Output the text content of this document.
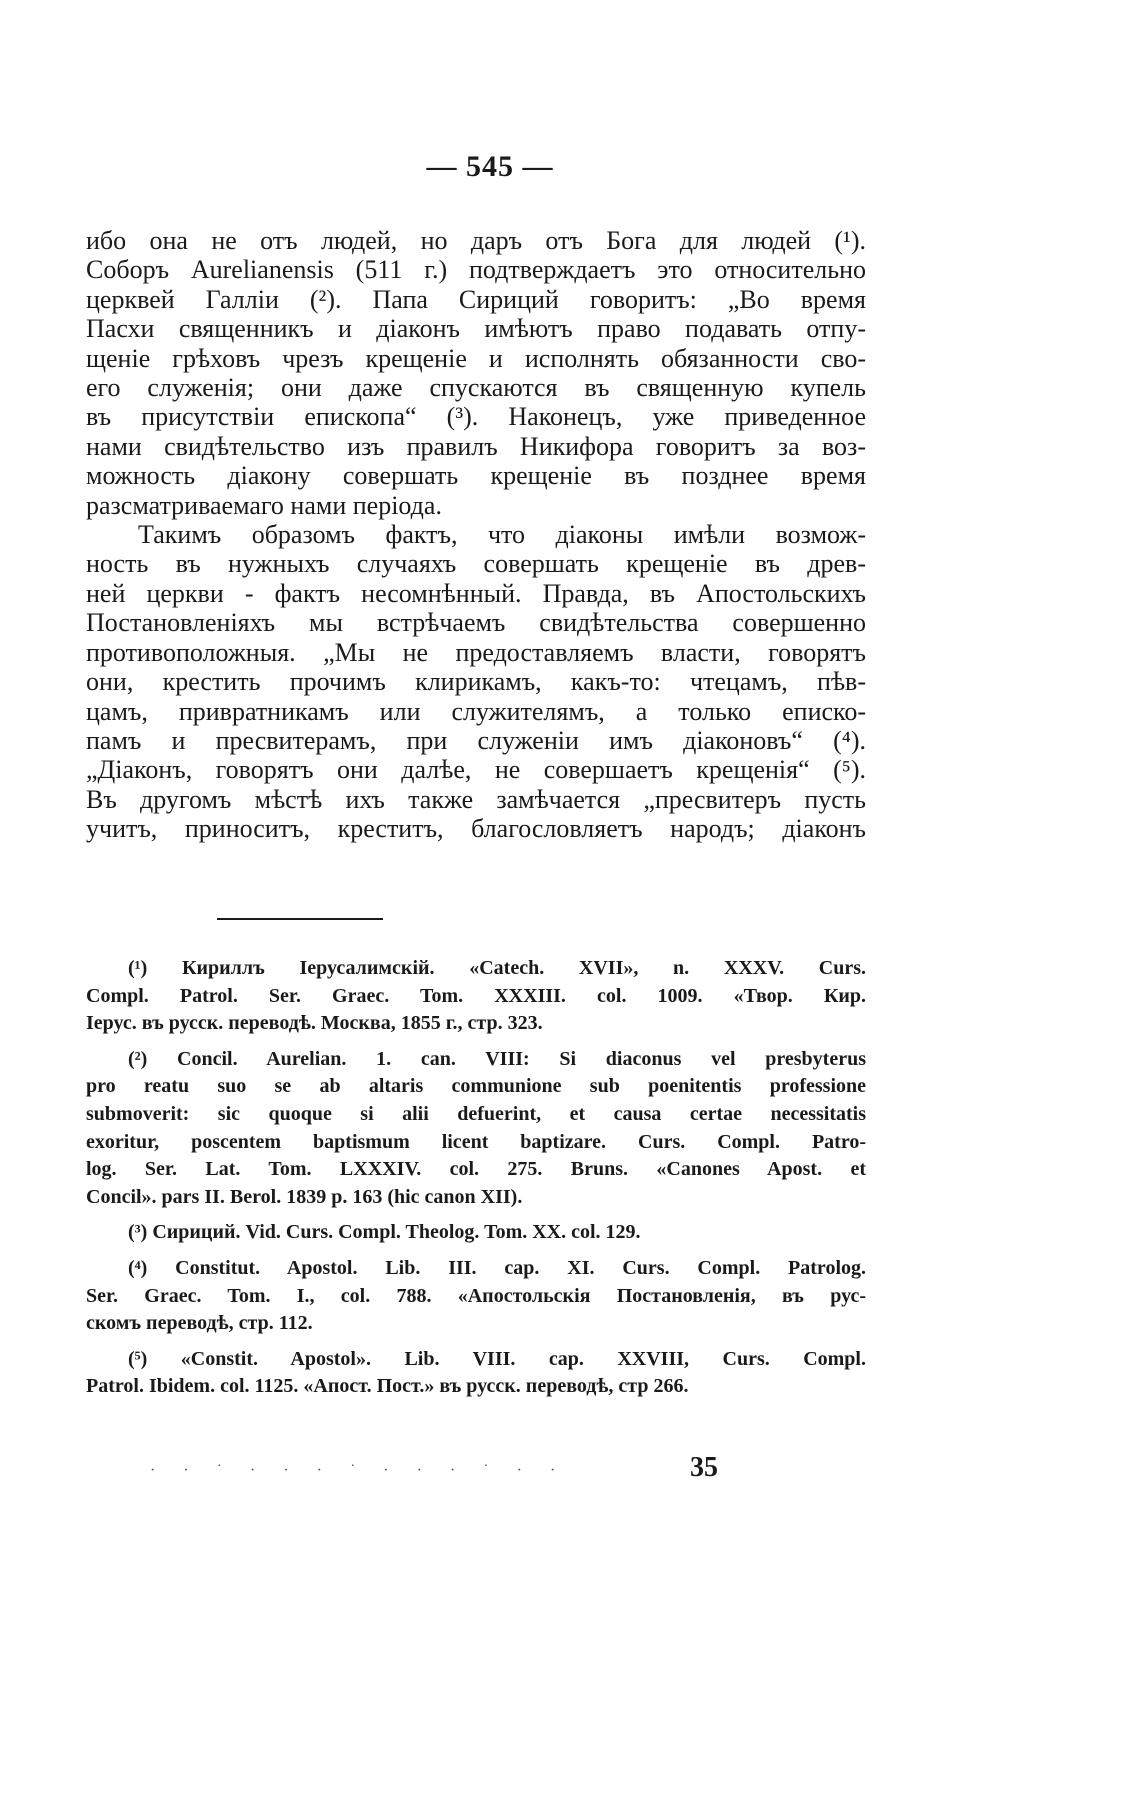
— 545 —
ибо она не отъ людей, но даръ отъ Бога для людей (¹).
Соборъ Aurelianensis (511 г.) подтверждаетъ это относительно
церквей Галліи (²). Папа Сириций говоритъ: „Во время
Пасхи священникъ и діаконъ имѣютъ право подавать отпу-
щеніе грѣховъ чрезъ крещеніе и исполнять обязанности сво-
его служенія; они даже спускаются въ священную купель
въ присутствіи епископа“ (³). Наконецъ, уже приведенное
нами свидѣтельство изъ правилъ Никифора говоритъ за воз-
можность діакону совершать крещеніе въ позднее время
разсматриваемаго нами періода.
Такимъ образомъ фактъ, что діаконы имѣли возмож-
ность въ нужныхъ случаяхъ совершать крещеніе въ древ-
ней церкви - фактъ несомнѣнный. Правда, въ Апостольскихъ
Постановленіяхъ мы встрѣчаемъ свидѣтельства совершенно
противоположныя. „Мы не предоставляемъ власти, говорятъ
они, крестить прочимъ клирикамъ, какъ-то: чтецамъ, пѣв-
цамъ, привратникамъ или служителямъ, а только еписко-
памъ и пресвитерамъ, при служеніи имъ діаконовъ“ (⁴).
„Діаконъ, говорятъ они далѣе, не совершаетъ крещенія“ (⁵).
Въ другомъ мѣстѣ ихъ также замѣчается „пресвитеръ пусть
учитъ, приноситъ, креститъ, благословляетъ народъ; діаконъ
(¹) Кириллъ Іерусалимскій. «Catech. XVII», n. XXXV. Curs.
Compl. Patrol. Ser. Graec. Tom. XXXIII. col. 1009. «Твор. Кир.
Іерус. въ русск. переводѣ. Москва, 1855 г., стр. 323.
(²) Concil. Aurelian. 1. can. VIII: Si diaconus vel presbyterus
pro reatu suo se ab altaris communione sub poenitentis professione
submoverit: sic quoque si alii defuerint, et causa certae necessitatis
exoritur, poscentem baptismum licent baptizare. Curs. Compl. Patro-
log. Ser. Lat. Tom. LXXXIV. col. 275. Bruns. «Canones Apost. et
Concil». pars II. Berol. 1839 p. 163 (hic canon XII).
(³) Сириций. Vid. Curs. Compl. Theolog. Tom. XX. col. 129.
(⁴) Constitut. Apostol. Lib. III. cap. XI. Curs. Compl. Patrolog.
Ser. Graec. Tom. I., col. 788. «Апостольскія Постановленія, въ рус-
скомъ переводѣ, стр. 112.
(⁵) «Constit. Apostol». Lib. VIII. cap. XXVIII, Curs. Compl.
Patrol. Ibidem. col. 1125. «Апост. Пост.» въ русск. переводѣ, стр 266.
· · ˙ · · · ˙ · · · ˙ · ·	35
